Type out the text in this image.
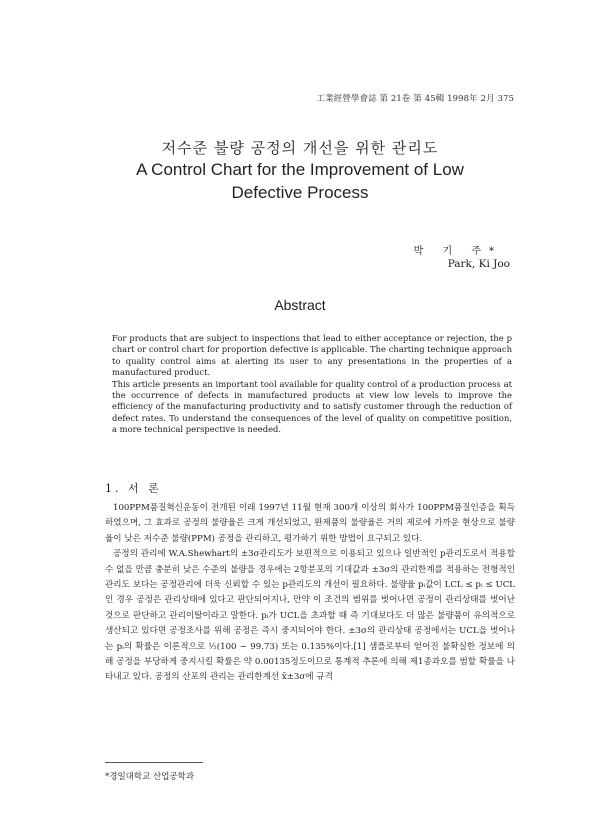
工業經營學會誌 第 21卷 第 45輯 1998年 2月 375
저수준 불량 공정의 개선을 위한 관리도
A Control Chart for the Improvement of Low Defective Process
박 기 주*
Park, Ki Joo
Abstract

For products that are subject to inspections that lead to either acceptance or rejection, the p chart or control chart for proportion defective is applicable. The charting technique approach to quality control aims at alerting its user to any presentations in the properties of a manufactured product.

This article presents an important tool available for quality control of a production process at the occurrence of defects in manufactured products at view low levels to improve the efficiency of the manufacturing productivity and to satisfy customer through the reduction of defect rates. To understand the consequences of the level of quality on competitive position, a more technical perspective is needed.

1. 서 론

100PPM품질혁신운동이 전개된 이래 1997년 11월 현재 300개 이상의 회사가 100PPM품질인증을 획득하였으며, 그 효과로 공정의 불량율은 크게 개선되었고, 완제품의 불량율은 거의 제로에 가까운 현상으로 불량율이 낮은 저수준 불량(PPM) 공정을 관리하고, 평가하기 위한 방법이 요구되고 있다.

공정의 관리에 W.A.Shewhart의 ±3σ관리도가 보편적으로 이용되고 있으나 일반적인 p관리도로서 적용할 수 없을 만큼 충분히 낮은 수준의 불량을 경우에는 2항분포의 기대값과 ±3σ의 관리한계를 적용하는 전형적인 관리도 보다는 공정관리에 더욱 신뢰할 수 있는 p관리도의 개선이 필요하다. 불량율 pᵢ값이 LCL ≤ pᵢ ≤ UCL인 경우 공정은 관리상태에 있다고 판단되어지나, 만약 이 조건의 범위를 벗어나면 공정이 관리상태를 벗어난 것으로 판단하고 관리이탈이라고 말한다. pᵢ가 UCL을 초과할 때 즉 기대보다도 더 많은 불량품이 유의적으로 생산되고 있다면 공정조사를 위해 공정은 즉시 중지되어야 한다. ±3σ의 관리상태 공정에서는 UCL을 벗어나는 pᵢ의 확률은 이론적으로 ½(100 − 99.73) 또는 0.135%이다.[1] 샘플로부터 얻어진 불확실한 정보에 의해 공정을 부당하게 중지시킬 확률은 약 0.00135정도이므로 통계적 추론에 의해 제1종과오를 범할 확률을 나타내고 있다. 공정의 산포의 관리는 관리한계선 x̄±3σ에 규격

*경일대학교 산업공학과
